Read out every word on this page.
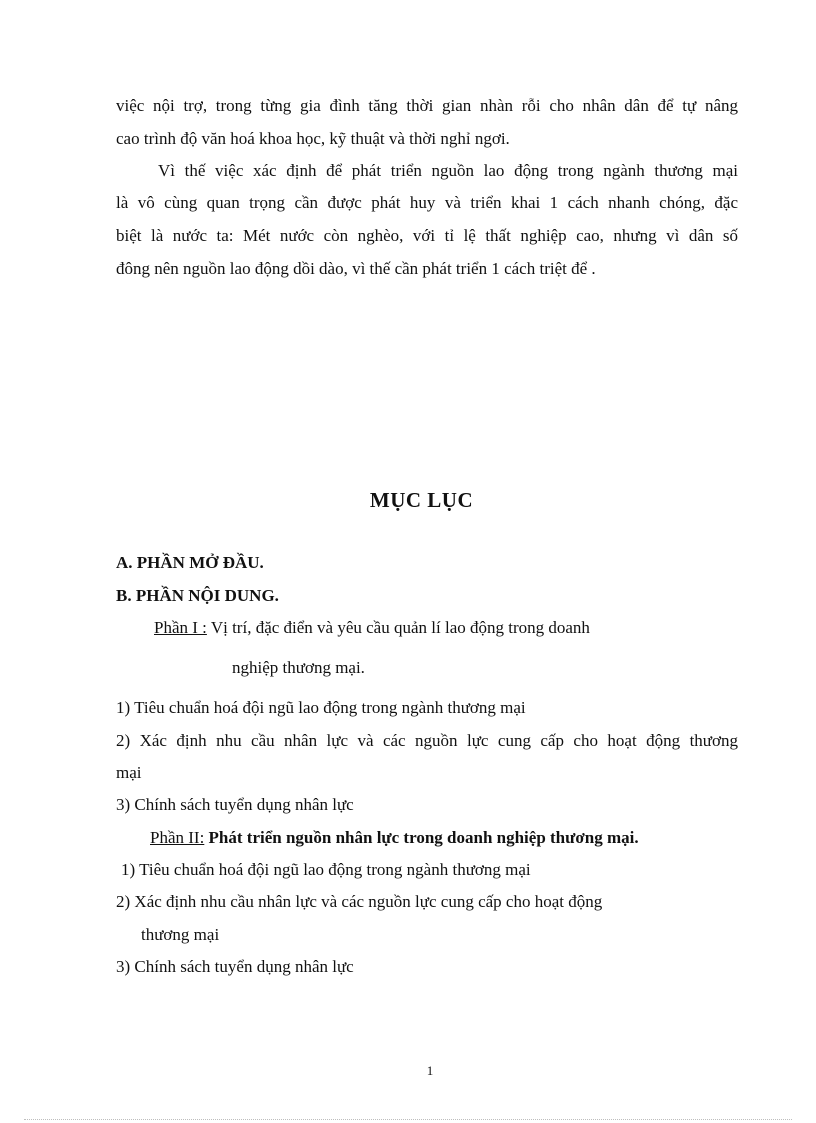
việc nội trợ, trong từng gia đình tăng thời gian nhàn rỗi cho nhân dân để tự nâng
cao trình độ văn hoá khoa học, kỹ thuật và thời nghỉ ngơi.
Vì thế việc xác định để phát triển nguồn lao động trong ngành thương mại
là vô cùng quan trọng cần được phát huy và triển khai 1 cách nhanh chóng, đặc
biệt là nước ta: Mét nước còn nghèo, với tỉ lệ thất nghiệp cao, nhưng vì dân số
đông nên nguồn lao động dồi dào, vì thế cần phát triển 1 cách triệt để .
MỤC LỤC
A. PHẦN MỞ ĐẦU.
B. PHẦN NỘI DUNG.
Phần I : Vị trí, đặc điển và yêu cầu quản lí lao động trong doanh
nghiệp thương mại.
1) Tiêu chuẩn hoá đội ngũ lao động trong ngành thương mại
2) Xác định nhu cầu nhân lực và các nguồn lực cung cấp cho hoạt động thương
mại
3) Chính sách tuyển dụng nhân lực
Phần II: Phát triển nguồn nhân lực trong doanh nghiệp thương mại.
1) Tiêu chuẩn hoá đội ngũ lao động trong ngành thương mại
2) Xác định nhu cầu nhân lực và các nguồn lực cung cấp cho hoạt động
thương mại
3) Chính sách tuyển dụng nhân lực
1
